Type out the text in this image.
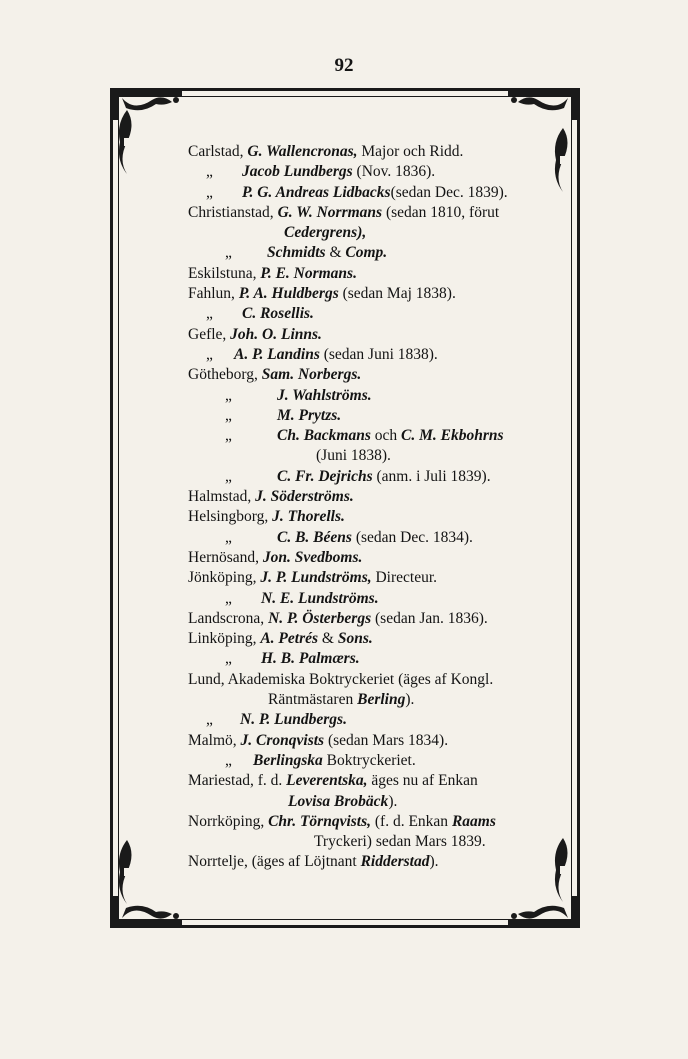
92
Carlstad, G. Wallencronas, Major och Ridd.
„ Jacob Lundbergs (Nov. 1836).
„ P. G. Andreas Lidbacks(sedan Dec. 1839).
Christianstad, G. W. Norrmans (sedan 1810, förut
Cedergrens),
„ Schmidts & Comp.
Eskilstuna, P. E. Normans.
Fahlun, P. A. Huldbergs (sedan Maj 1838).
„ C. Rosellis.
Gefle, Joh. O. Linns.
„ A. P. Landins (sedan Juni 1838).
Götheborg, Sam. Norbergs.
„	J. Wahlströms.
„	M. Prytzs.
„	Ch. Backmans och C. M. Ekbohrns
(Juni 1838).
„	C. Fr. Dejrichs (anm. i Juli 1839).
Halmstad, J. Söderströms.
Helsingborg, J. Thorells.
„	C. B. Béens (sedan Dec. 1834).
Hernösand, Jon. Svedboms.
Jönköping, J. P. Lundströms, Directeur.
„ N. E. Lundströms.
Landscrona, N. P. Österbergs (sedan Jan. 1836).
Linköping, A. Petrés & Sons.
„ H. B. Palmærs.
Lund, Akademiska Boktryckeriet (äges af Kongl.
Räntmästaren Berling).
„ N. P. Lundbergs.
Malmö, J. Cronqvists (sedan Mars 1834).
„ Berlingska Boktryckeriet.
Mariestad, f. d. Leverentska, äges nu af Enkan
Lovisa Brobäck).
Norrköping, Chr. Törnqvists, (f. d. Enkan Raams
Tryckeri) sedan Mars 1839.
Norrtelje, (äges af Löjtnant Ridderstad).
